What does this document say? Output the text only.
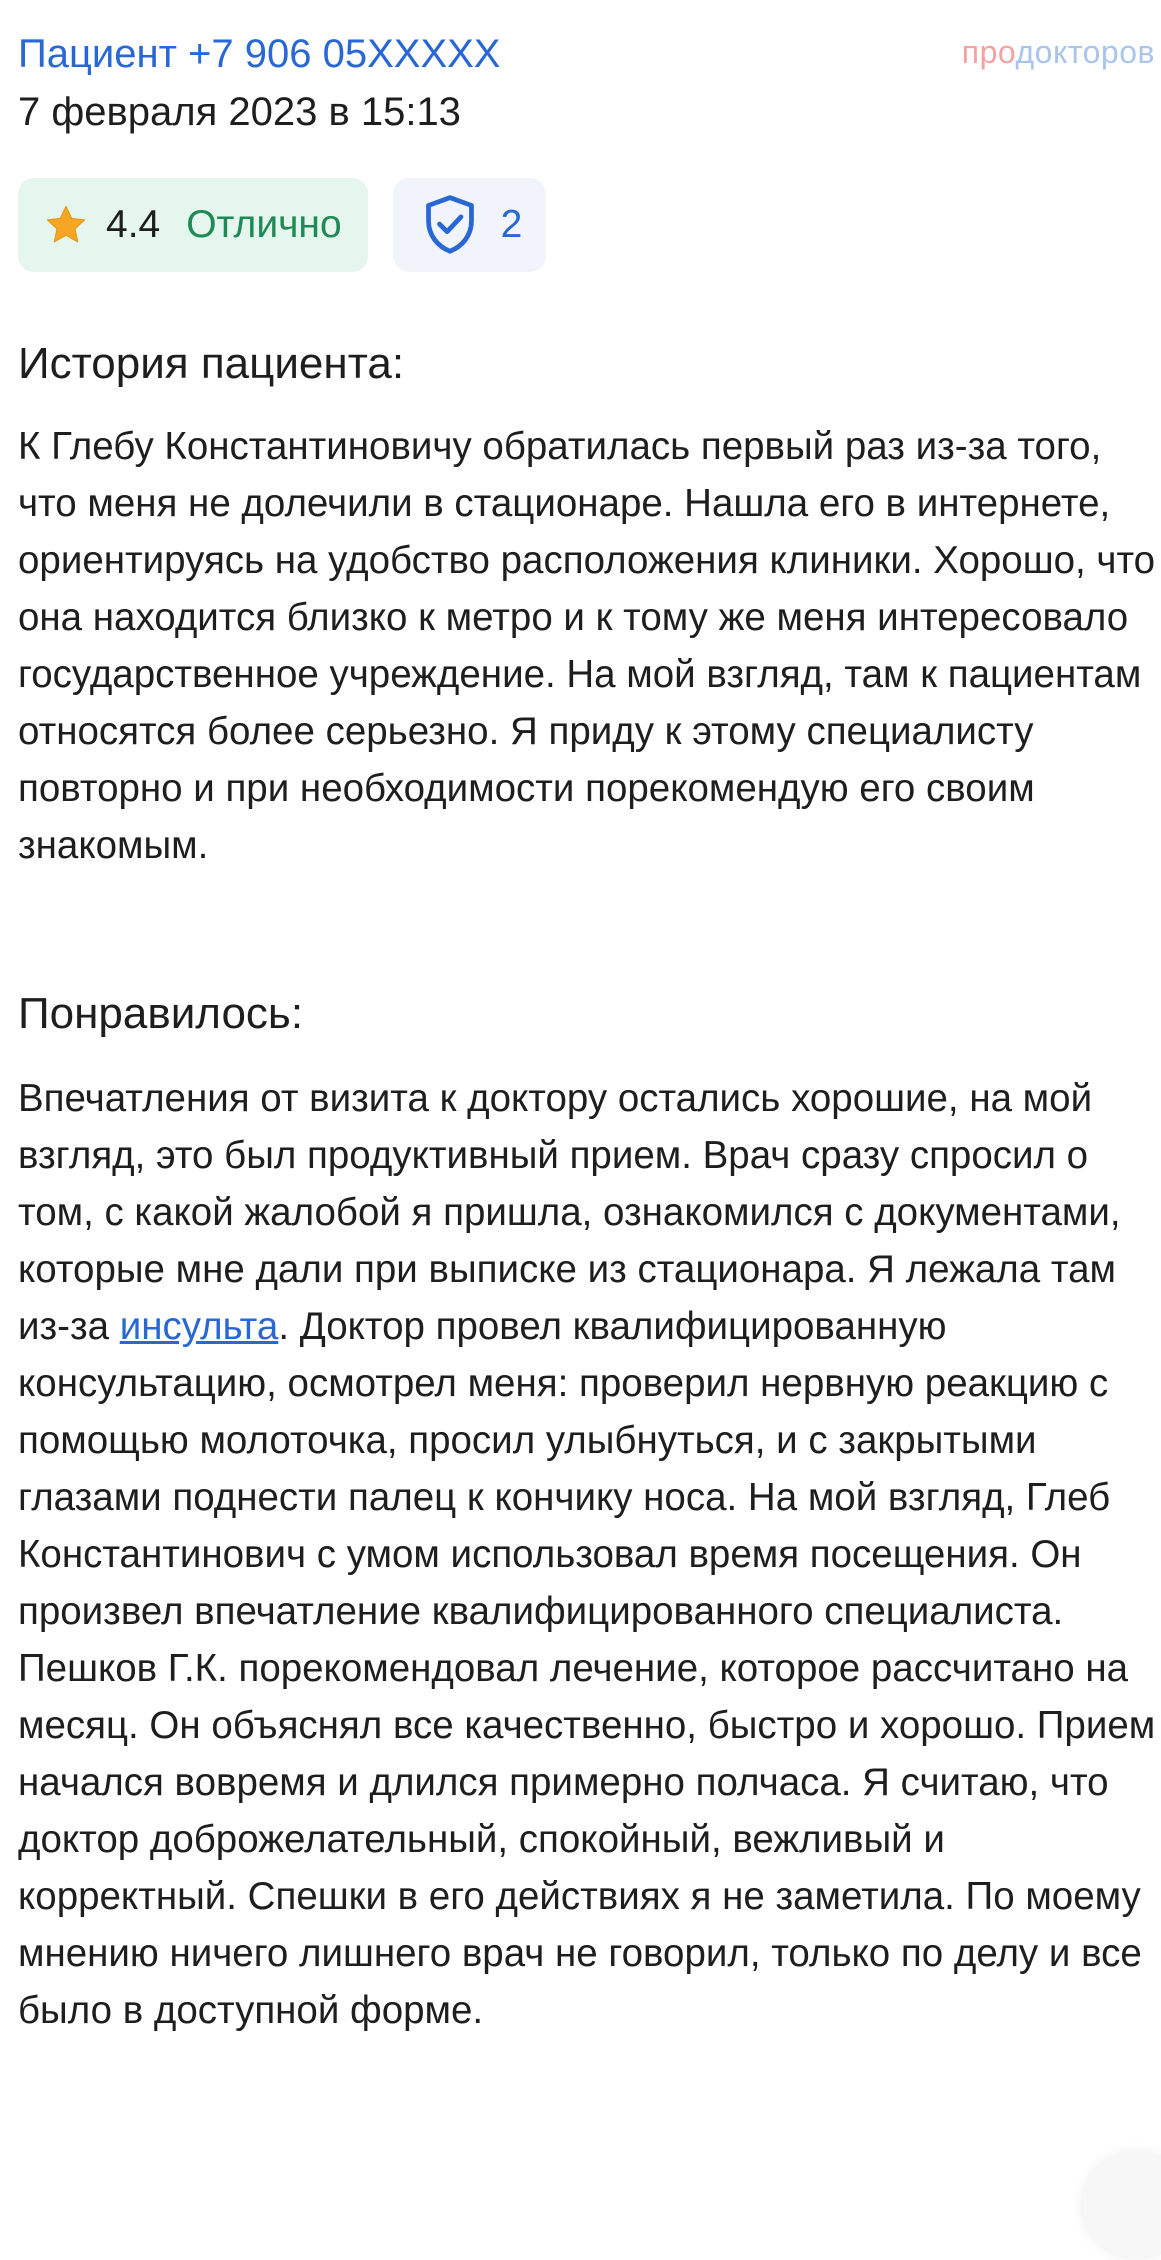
Пациент +7 906 05XXXXX
7 февраля 2023 в 15:13
продокторов
4.4 Отлично	2
История пациента:

К Глебу Константиновичу обратилась первый раз из-за того, что меня не долечили в стационаре. Нашла его в интернете, ориентируясь на удобство расположения клиники. Хорошо, что она находится близко к метро и к тому же меня интересовало государственное учреждение. На мой взгляд, там к пациентам относятся более серьезно. Я приду к этому специалисту повторно и при необходимости порекомендую его своим знакомым.

Понравилось:

Впечатления от визита к доктору остались хорошие, на мой взгляд, это был продуктивный прием. Врач сразу спросил о том, с какой жалобой я пришла, ознакомился с документами, которые мне дали при выписке из стационара. Я лежала там из-за инсульта. Доктор провел квалифицированную консультацию, осмотрел меня: проверил нервную реакцию с помощью молоточка, просил улыбнуться, и с закрытыми глазами поднести палец к кончику носа. На мой взгляд, Глеб Константинович с умом использовал время посещения. Он произвел впечатление квалифицированного специалиста. Пешков Г.К. порекомендовал лечение, которое рассчитано на месяц. Он объяснял все качественно, быстро и хорошо. Прием начался вовремя и длился примерно полчаса. Я считаю, что доктор доброжелательный, спокойный, вежливый и корректный. Спешки в его действиях я не заметила. По моему мнению ничего лишнего врач не говорил, только по делу и все было в доступной форме.
